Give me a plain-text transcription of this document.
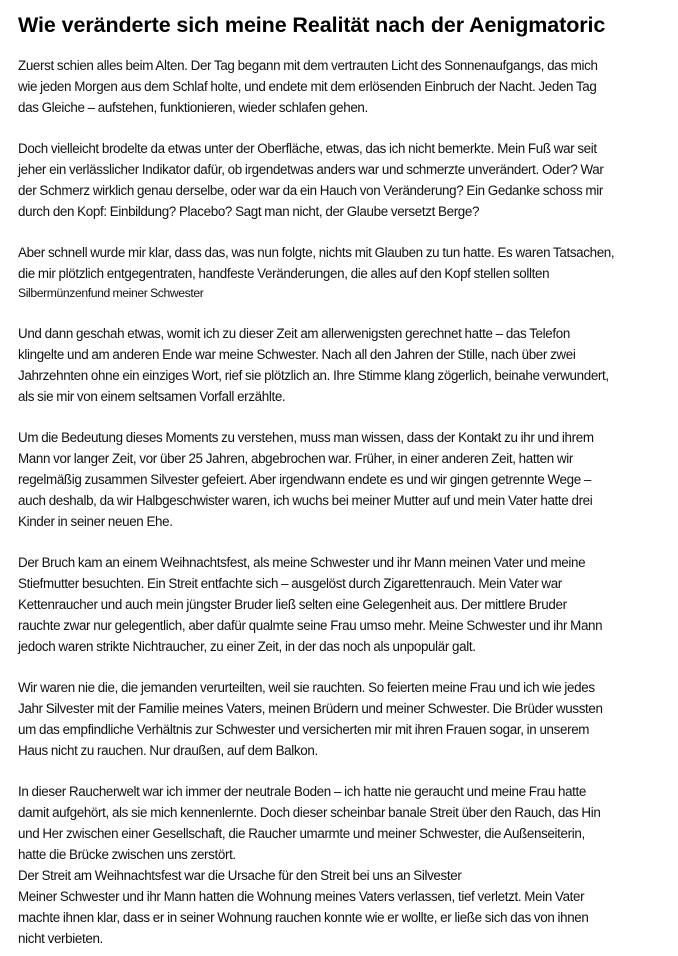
Wie veränderte sich meine Realität nach der Aenigmatoric

Zuerst schien alles beim Alten. Der Tag begann mit dem vertrauten Licht des Sonnenaufgangs, das mich
wie jeden Morgen aus dem Schlaf holte, und endete mit dem erlösenden Einbruch der Nacht. Jeden Tag
das Gleiche – aufstehen, funktionieren, wieder schlafen gehen.

Doch vielleicht brodelte da etwas unter der Oberfläche, etwas, das ich nicht bemerkte. Mein Fuß war seit
jeher ein verlässlicher Indikator dafür, ob irgendetwas anders war und schmerzte unverändert. Oder? War
der Schmerz wirklich genau derselbe, oder war da ein Hauch von Veränderung? Ein Gedanke schoss mir
durch den Kopf: Einbildung? Placebo? Sagt man nicht, der Glaube versetzt Berge?

Aber schnell wurde mir klar, dass das, was nun folgte, nichts mit Glauben zu tun hatte. Es waren Tatsachen,
die mir plötzlich entgegentraten, handfeste Veränderungen, die alles auf den Kopf stellen sollten
Silbermünzenfund meiner Schwester

Und dann geschah etwas, womit ich zu dieser Zeit am allerwenigsten gerechnet hatte – das Telefon
klingelte und am anderen Ende war meine Schwester. Nach all den Jahren der Stille, nach über zwei
Jahrzehnten ohne ein einziges Wort, rief sie plötzlich an. Ihre Stimme klang zögerlich, beinahe verwundert,
als sie mir von einem seltsamen Vorfall erzählte.

Um die Bedeutung dieses Moments zu verstehen, muss man wissen, dass der Kontakt zu ihr und ihrem
Mann vor langer Zeit, vor über 25 Jahren, abgebrochen war. Früher, in einer anderen Zeit, hatten wir
regelmäßig zusammen Silvester gefeiert. Aber irgendwann endete es und wir gingen getrennte Wege –
auch deshalb, da wir Halbgeschwister waren, ich wuchs bei meiner Mutter auf und mein Vater hatte drei
Kinder in seiner neuen Ehe.

Der Bruch kam an einem Weihnachtsfest, als meine Schwester und ihr Mann meinen Vater und meine
Stiefmutter besuchten. Ein Streit entfachte sich – ausgelöst durch Zigarettenrauch. Mein Vater war
Kettenraucher und auch mein jüngster Bruder ließ selten eine Gelegenheit aus. Der mittlere Bruder
rauchte zwar nur gelegentlich, aber dafür qualmte seine Frau umso mehr. Meine Schwester und ihr Mann
jedoch waren strikte Nichtraucher, zu einer Zeit, in der das noch als unpopulär galt.

Wir waren nie die, die jemanden verurteilten, weil sie rauchten. So feierten meine Frau und ich wie jedes
Jahr Silvester mit der Familie meines Vaters, meinen Brüdern und meiner Schwester. Die Brüder wussten
um das empfindliche Verhältnis zur Schwester und versicherten mir mit ihren Frauen sogar, in unserem
Haus nicht zu rauchen. Nur draußen, auf dem Balkon.

In dieser Raucherwelt war ich immer der neutrale Boden – ich hatte nie geraucht und meine Frau hatte
damit aufgehört, als sie mich kennenlernte. Doch dieser scheinbar banale Streit über den Rauch, das Hin
und Her zwischen einer Gesellschaft, die Raucher umarmte und meiner Schwester, die Außenseiterin,
hatte die Brücke zwischen uns zerstört.
Der Streit am Weihnachtsfest war die Ursache für den Streit bei uns an Silvester
Meiner Schwester und ihr Mann hatten die Wohnung meines Vaters verlassen, tief verletzt. Mein Vater
machte ihnen klar, dass er in seiner Wohnung rauchen konnte wie er wollte, er ließe sich das von ihnen
nicht verbieten.
